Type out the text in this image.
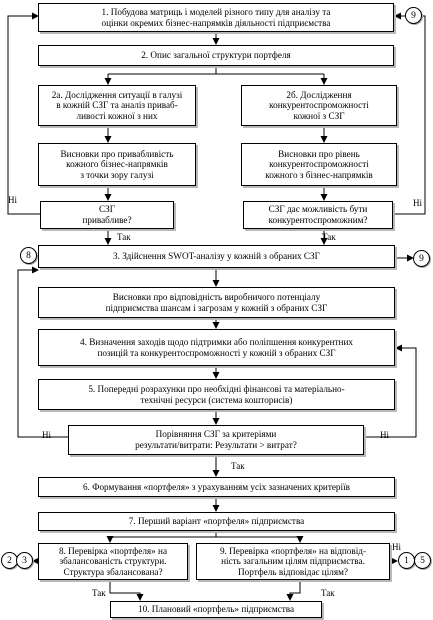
1. Побудова матриць і моделей різного типу для аналізу та
оцінки окремих бізнес-напрямків діяльності підприємства
2. Опис загальної структури портфеля
2а. Дослідження ситуації в галузі
в кожній СЗГ та аналіз приваб-
ливості кожної з них
2б. Дослідження
конкурентоспроможності
кожної з СЗГ
Висновки про привабливість
кожного бізнес-напрямків
з точки зору галузі
Висновки про рівень
конкурентоспроможності
кожного з бізнес-напрямків
СЗГ
привабливе?
СЗГ дає можливість бути
конкурентоспроможним?
3. Здійснення SWOT-аналізу у кожній з обраних СЗГ
Висновки про відповідність виробничого потенціалу
підприємства шансам і загрозам у кожній з обраних СЗГ
4. Визначення заходів щодо підтримки або поліпшення конкурентних
позицій та конкурентоспроможності у кожній з обраних СЗГ
5. Попередні розрахунки про необхідні фінансові та матеріально-
технічні ресурси (система кошторисів)
Порівняння СЗГ за критеріями
результати/витрати: Результати > витрат?
6. Формування «портфеля» з урахуванням усіх зазначених критеріїв
7. Перший варіант «портфеля» підприємства
8. Перевірка «портфеля» на
збалансованість структури.
Структура збалансована?
9. Перевірка «портфеля» на відповід-
ність загальним цілям підприємства.
Портфель відповідає цілям?
10. Плановий «портфель» підприємства
9
8	9
2	3	1	5
Ні	Ні
Так	Так
Ні	Ні
Так
Ні
Так	Так
